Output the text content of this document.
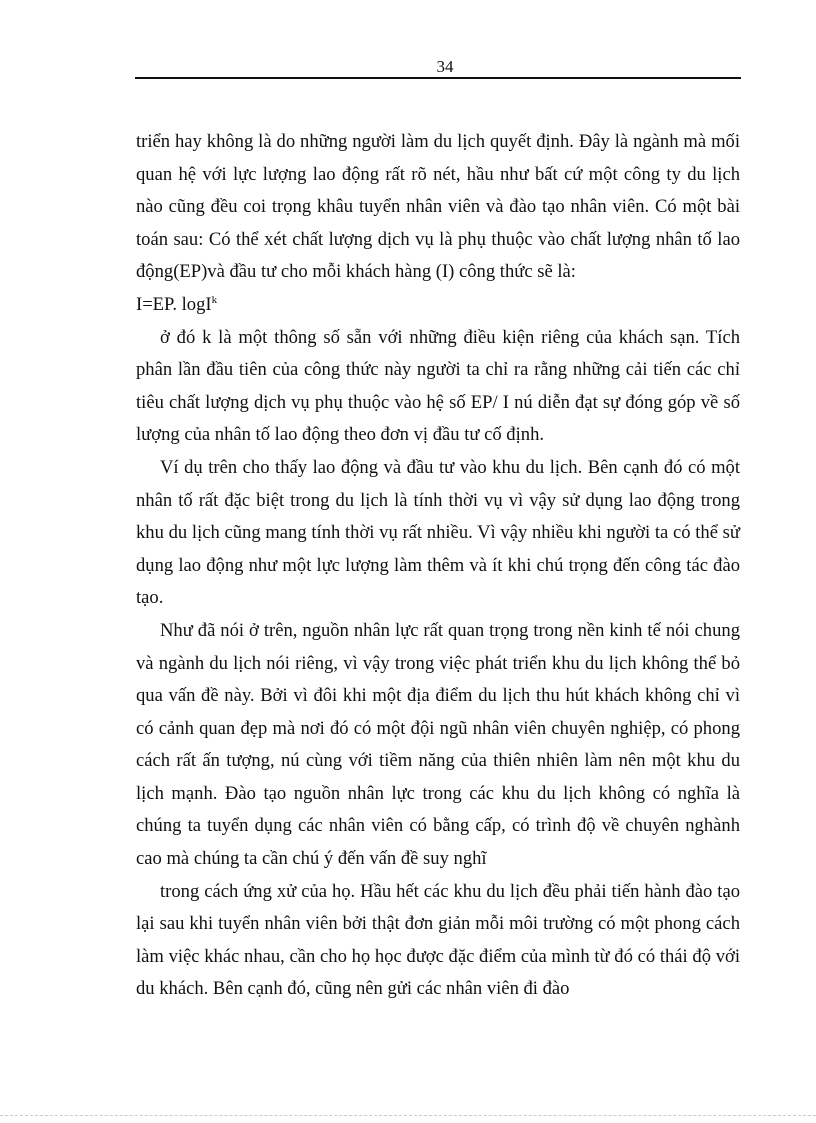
34

triển hay không là do những người làm du lịch quyết định. Đây là ngành mà mối quan hệ với lực lượng lao động rất rõ nét, hầu như bất cứ một công ty du lịch nào cũng đều coi trọng khâu tuyển nhân viên và đào tạo nhân viên. Có một bài toán sau: Có thể xét chất lượng dịch vụ là phụ thuộc vào chất lượng nhân tố lao động(EP)và đầu tư cho mỗi khách hàng (I) công thức sẽ là:

I=EP. logI$^k$

ở đó k là một thông số sẵn với những điều kiện riêng của khách sạn. Tích phân lần đầu tiên của công thức này người ta chỉ ra rằng những cải tiến các chỉ tiêu chất lượng dịch vụ phụ thuộc vào hệ số EP/ I nú diễn đạt sự đóng góp về số lượng của nhân tố lao động theo đơn vị đầu tư cố định.

Ví dụ trên cho thấy lao động và đầu tư vào khu du lịch. Bên cạnh đó có một nhân tố rất đặc biệt trong du lịch là tính thời vụ vì vậy sử dụng lao động trong khu du lịch cũng mang tính thời vụ rất nhiều. Vì vậy nhiều khi người ta có thể sử dụng lao động như một lực lượng làm thêm và ít khi chú trọng đến công tác đào tạo.

Như đã nói ở trên, nguồn nhân lực rất quan trọng trong nền kinh tế nói chung và ngành du lịch nói riêng, vì vậy trong việc phát triển khu du lịch không thể bỏ qua vấn đề này. Bởi vì đôi khi một địa điểm du lịch thu hút khách không chỉ vì có cảnh quan đẹp mà nơi đó có một đội ngũ nhân viên chuyên nghiệp, có phong cách rất ấn tượng, nú cùng với tiềm năng của thiên nhiên làm nên một khu du lịch mạnh. Đào tạo nguồn nhân lực trong các khu du lịch không có nghĩa là chúng ta tuyển dụng các nhân viên có bằng cấp, có trình độ về chuyên nghành cao mà chúng ta cần chú ý đến vấn đề suy nghĩ

trong cách ứng xử của họ. Hầu hết các khu du lịch đều phải tiến hành đào tạo lại sau khi tuyển nhân viên bởi thật đơn giản mỗi môi trường có một phong cách làm việc khác nhau, cần cho họ học được đặc điểm của mình từ đó có thái độ với du khách. Bên cạnh đó, cũng nên gửi các nhân viên đi đào
